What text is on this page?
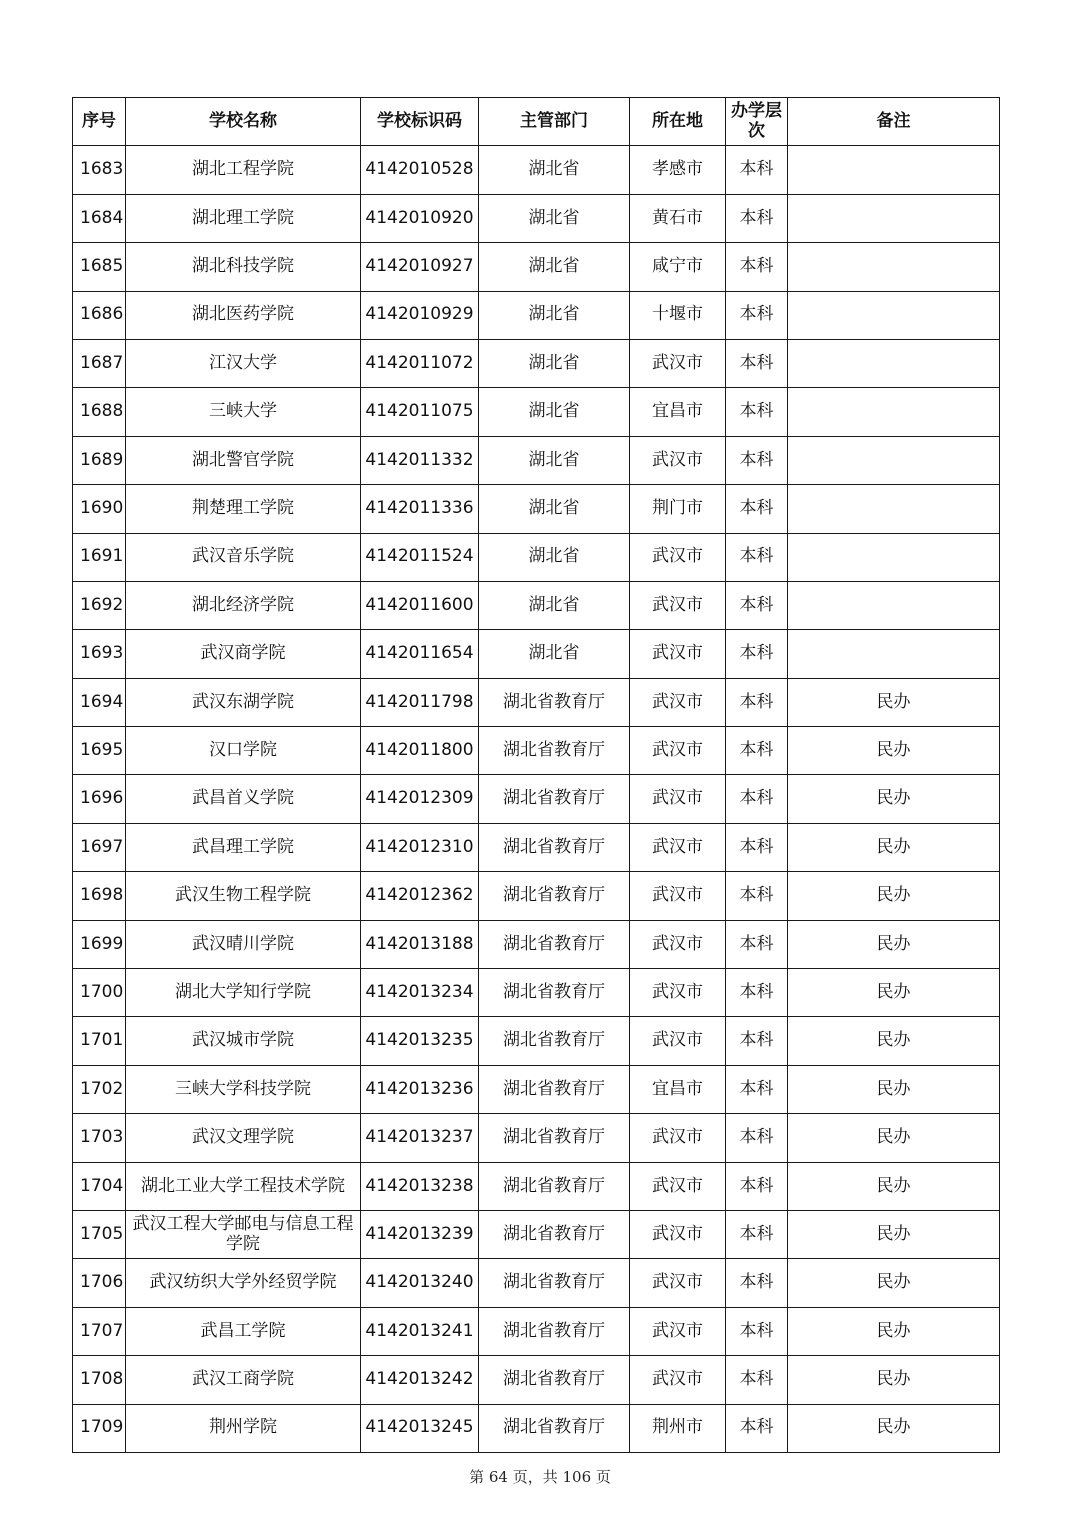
序号	学校名称	学校标识码	主管部门	所在地	办学层次	备注
1683	湖北工程学院	4142010528	湖北省	孝感市	本科	
1684	湖北理工学院	4142010920	湖北省	黄石市	本科	
1685	湖北科技学院	4142010927	湖北省	咸宁市	本科	
1686	湖北医药学院	4142010929	湖北省	十堰市	本科	
1687	江汉大学	4142011072	湖北省	武汉市	本科	
1688	三峡大学	4142011075	湖北省	宜昌市	本科	
1689	湖北警官学院	4142011332	湖北省	武汉市	本科	
1690	荆楚理工学院	4142011336	湖北省	荆门市	本科	
1691	武汉音乐学院	4142011524	湖北省	武汉市	本科	
1692	湖北经济学院	4142011600	湖北省	武汉市	本科	
1693	武汉商学院	4142011654	湖北省	武汉市	本科	
1694	武汉东湖学院	4142011798	湖北省教育厅	武汉市	本科	民办
1695	汉口学院	4142011800	湖北省教育厅	武汉市	本科	民办
1696	武昌首义学院	4142012309	湖北省教育厅	武汉市	本科	民办
1697	武昌理工学院	4142012310	湖北省教育厅	武汉市	本科	民办
1698	武汉生物工程学院	4142012362	湖北省教育厅	武汉市	本科	民办
1699	武汉晴川学院	4142013188	湖北省教育厅	武汉市	本科	民办
1700	湖北大学知行学院	4142013234	湖北省教育厅	武汉市	本科	民办
1701	武汉城市学院	4142013235	湖北省教育厅	武汉市	本科	民办
1702	三峡大学科技学院	4142013236	湖北省教育厅	宜昌市	本科	民办
1703	武汉文理学院	4142013237	湖北省教育厅	武汉市	本科	民办
1704	湖北工业大学工程技术学院	4142013238	湖北省教育厅	武汉市	本科	民办
1705	武汉工程大学邮电与信息工程学院	4142013239	湖北省教育厅	武汉市	本科	民办
1706	武汉纺织大学外经贸学院	4142013240	湖北省教育厅	武汉市	本科	民办
1707	武昌工学院	4142013241	湖北省教育厅	武汉市	本科	民办
1708	武汉工商学院	4142013242	湖北省教育厅	武汉市	本科	民办
1709	荆州学院	4142013245	湖北省教育厅	荆州市	本科	民办
第 64 页，共 106 页
